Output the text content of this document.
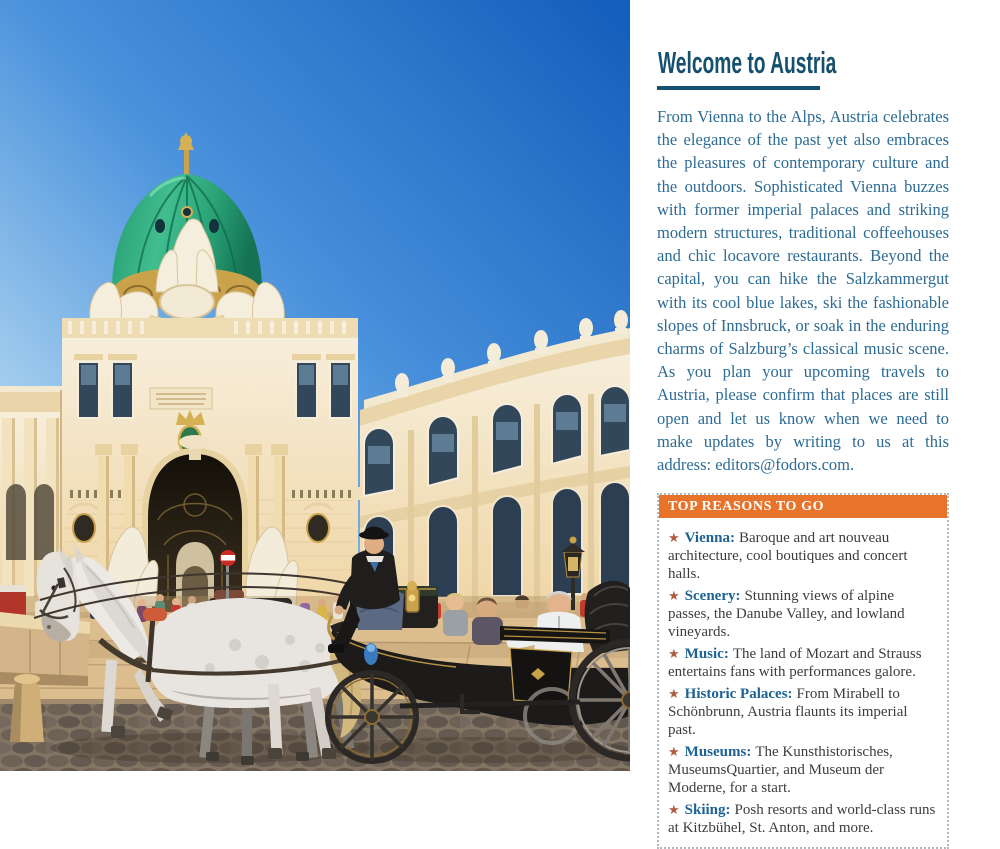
Welcome to Austria

From Vienna to the Alps, Austria celebrates the elegance of the past yet also embraces the pleasures of contemporary culture and the outdoors. Sophisticated Vienna buzzes with former imperial palaces and striking modern structures, traditional coffeehouses and chic locavore restaurants. Beyond the capital, you can hike the Salzkammergut with its cool blue lakes, ski the fashionable slopes of Innsbruck, or soak in the enduring charms of Salzburg’s classical music scene. As you plan your upcoming travels to Austria, please confirm that places are still open and let us know when we need to make updates by writing to us at this address: editors@fodors.com.

TOP REASONS TO GO

★ Vienna: Baroque and art nouveau architecture, cool boutiques and concert halls.

★ Scenery: Stunning views of alpine passes, the Danube Valley, and lowland vineyards.

★ Music: The land of Mozart and Strauss entertains fans with performances galore.

★ Historic Palaces: From Mirabell to Schönbrunn, Austria flaunts its imperial past.

★ Museums: The Kunsthistorisches, MuseumsQuartier, and Museum der Moderne, for a start.

★ Skiing: Posh resorts and world-class runs at Kitzbühel, St. Anton, and more.
